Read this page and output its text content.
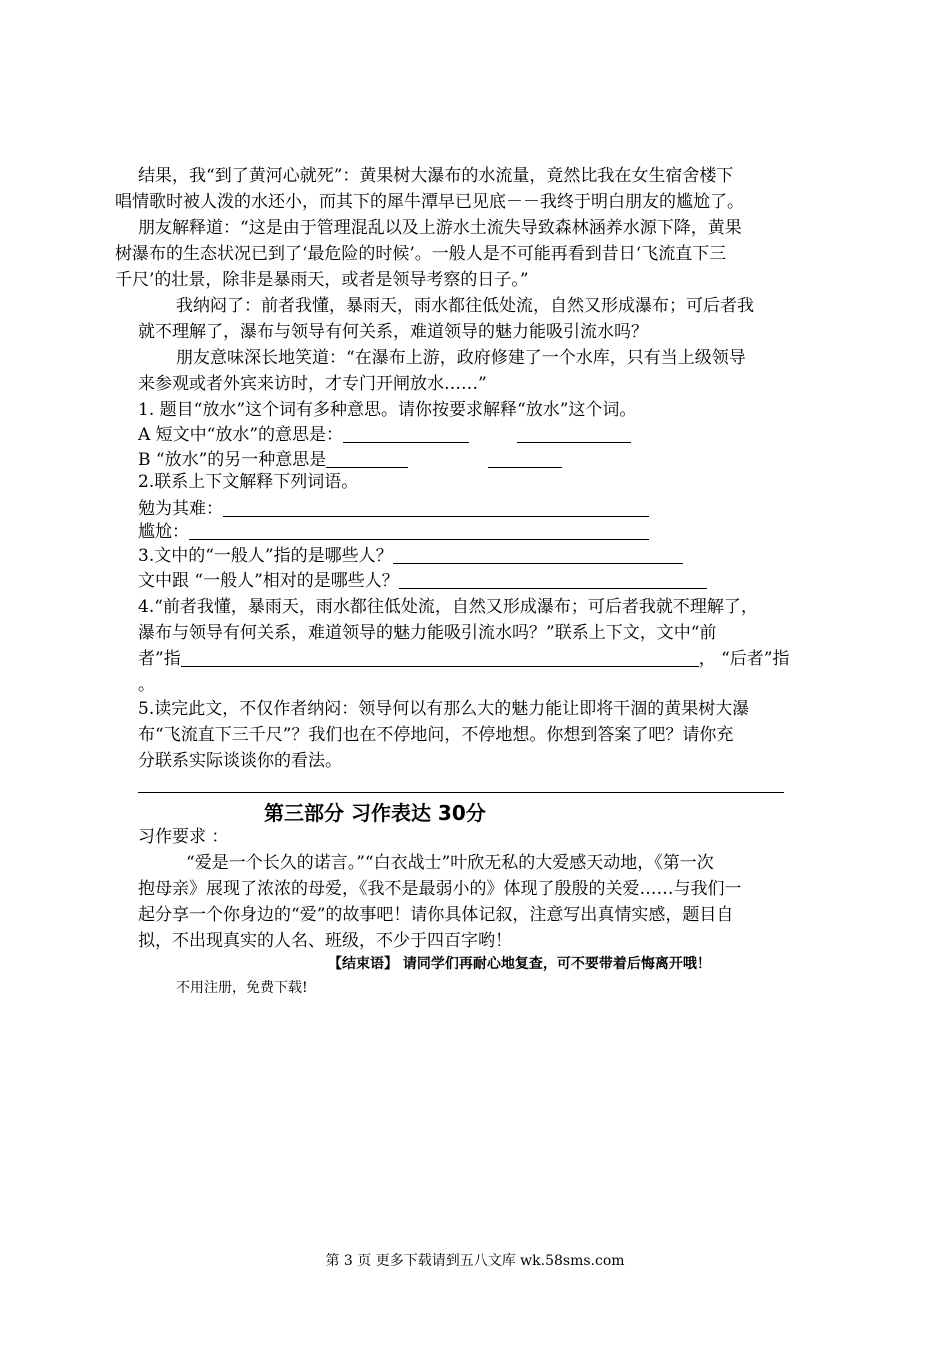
结果，我“到了黄河心就死”：黄果树大瀑布的水流量，竟然比我在女生宿舍楼下
唱情歌时被人泼的水还小，而其下的犀牛潭早已见底－－我终于明白朋友的尴尬了。
朋友解释道：“这是由于管理混乱以及上游水土流失导致森林涵养水源下降，黄果
树瀑布的生态状况已到了‘最危险的时候’。一般人是不可能再看到昔日‘飞流直下三
千尺’的壮景，除非是暴雨天，或者是领导考察的日子。”
我纳闷了：前者我懂，暴雨天，雨水都往低处流，自然又形成瀑布；可后者我
就不理解了，瀑布与领导有何关系，难道领导的魅力能吸引流水吗？
朋友意味深长地笑道：“在瀑布上游，政府修建了一个水库，只有当上级领导
来参观或者外宾来访时，才专门开闸放水……”
1. 题目“放水”这个词有多种意思。请你按要求解释“放水”这个词。
A 短文中“放水”的意思是：
B “放水”的另一种意思是
2.联系上下文解释下列词语。
勉为其难：
尴尬：
3.文中的“一般人”指的是哪些人？
文中跟 “一般人”相对的是哪些人？
4.“前者我懂，暴雨天，雨水都往低处流，自然又形成瀑布；可后者我就不理解了，
瀑布与领导有何关系，难道领导的魅力能吸引流水吗？”联系上下文，文中“前
者”指	， “后者”指
。
5.读完此文，不仅作者纳闷：领导何以有那么大的魅力能让即将干涸的黄果树大瀑
布“飞流直下三千尺”？我们也在不停地问，不停地想。你想到答案了吧？请你充
分联系实际谈谈你的看法。
第三部分 习作表达 30分
习作要求 ：
“爱是一个长久的诺言。”“白衣战士”叶欣无私的大爱感天动地，《第一次
抱母亲》展现了浓浓的母爱，《我不是最弱小的》体现了殷殷的关爱……与我们一
起分享一个你身边的“爱”的故事吧！请你具体记叙，注意写出真情实感，题目自
拟，不出现真实的人名、班级，不少于四百字哟！
【结束语】 请同学们再耐心地复查，可不要带着后悔离开哦！
不用注册，免费下载!
第 3 页 更多下载请到五八文库 wk.58sms.com
